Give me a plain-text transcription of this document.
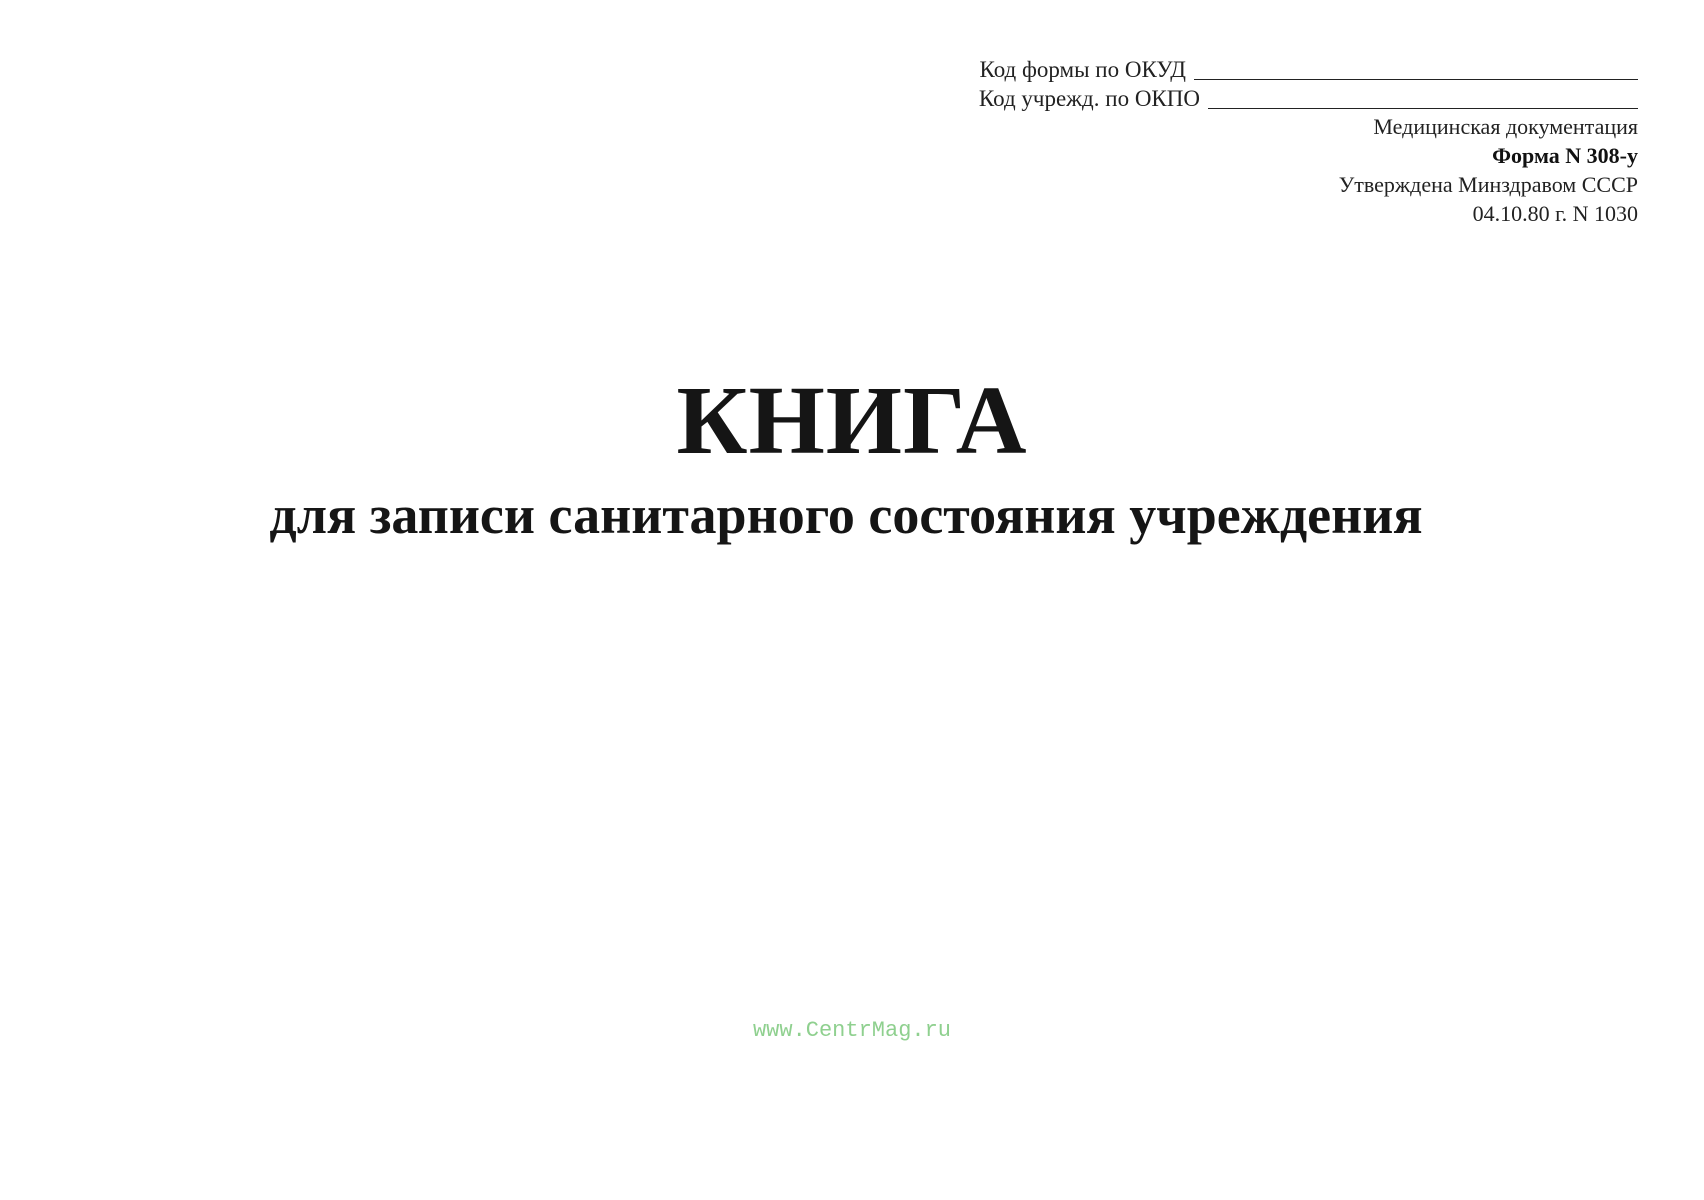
Код формы по ОКУД
Код учрежд. по ОКПО
Медицинская документация
Форма N 308-у
Утверждена Минздравом СССР
04.10.80 г. N 1030
КНИГА
для записи санитарного состояния учреждения
www.CentrMag.ru
